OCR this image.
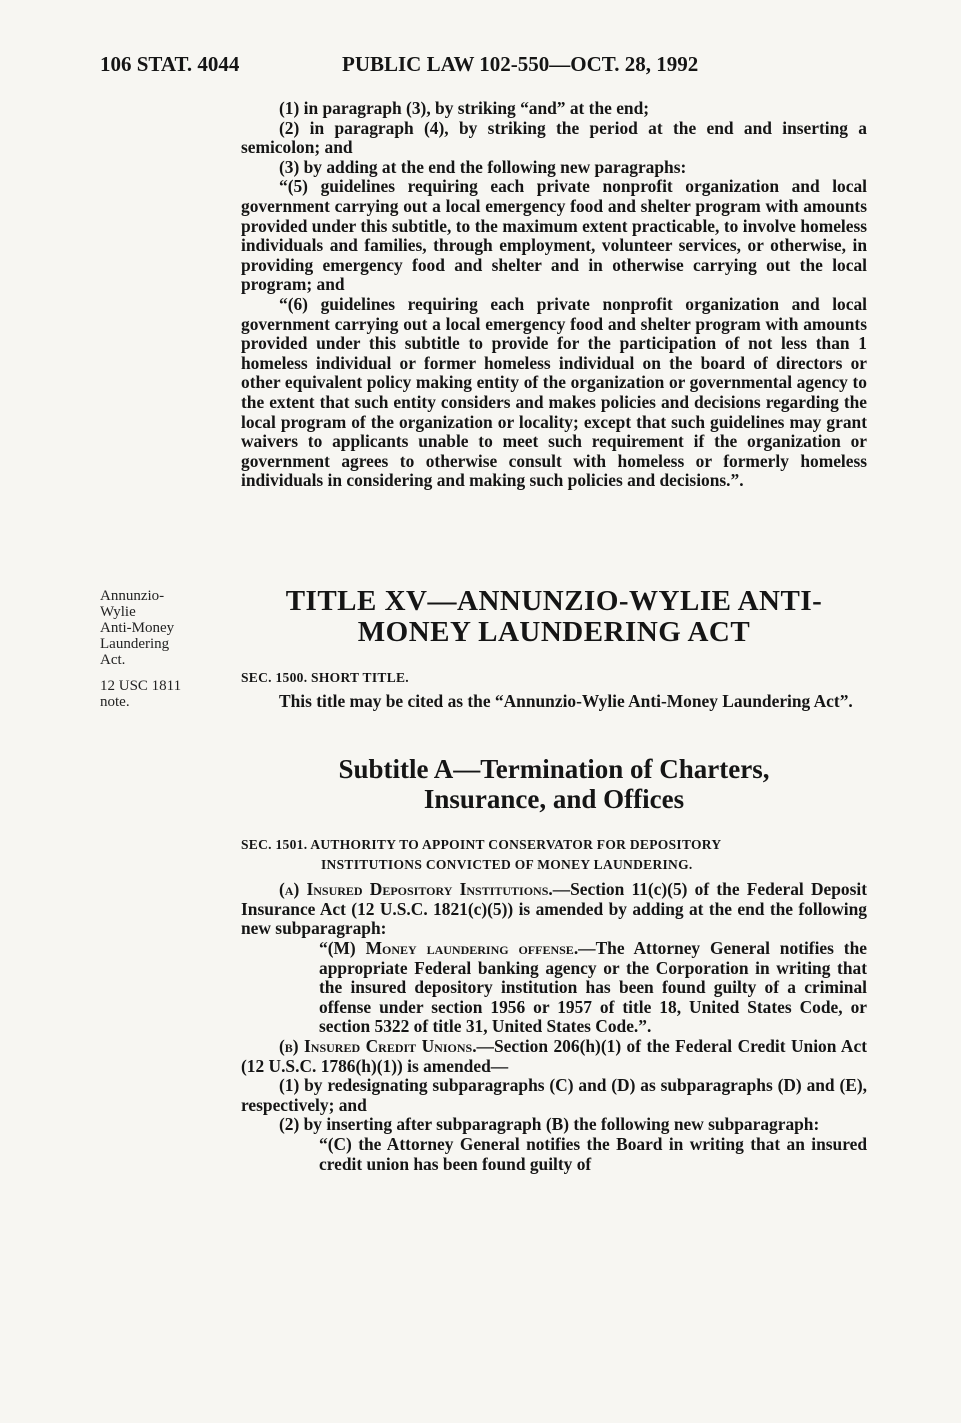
106 STAT. 4044	PUBLIC LAW 102-550—OCT. 28, 1992

(1) in paragraph (3), by striking “and” at the end;

(2) in paragraph (4), by striking the period at the end and inserting a semicolon; and

(3) by adding at the end the following new paragraphs:

“(5) guidelines requiring each private nonprofit organization and local government carrying out a local emergency food and shelter program with amounts provided under this subtitle, to the maximum extent practicable, to involve homeless individuals and families, through employment, volunteer services, or otherwise, in providing emergency food and shelter and in otherwise carrying out the local program; and

“(6) guidelines requiring each private nonprofit organization and local government carrying out a local emergency food and shelter program with amounts provided under this subtitle to provide for the participation of not less than 1 homeless individual or former homeless individual on the board of directors or other equivalent policy making entity of the organization or governmental agency to the extent that such entity considers and makes policies and decisions regarding the local program of the organization or locality; except that such guidelines may grant waivers to applicants unable to meet such requirement if the organization or government agrees to otherwise consult with homeless or formerly homeless individuals in considering and making such policies and decisions.”.

Annunzio-
Wylie
Anti-Money
Laundering
Act.
12 USC 1811
note.
TITLE XV—ANNUNZIO-WYLIE ANTI-
MONEY LAUNDERING ACT
SEC. 1500. SHORT TITLE.

This title may be cited as the “Annunzio-Wylie Anti-Money Laundering Act”.

Subtitle A—Termination of Charters,
Insurance, and Offices
SEC. 1501. AUTHORITY TO APPOINT CONSERVATOR FOR DEPOSITORY
INSTITUTIONS CONVICTED OF MONEY LAUNDERING.

(a) Insured Depository Institutions.—Section 11(c)(5) of the Federal Deposit Insurance Act (12 U.S.C. 1821(c)(5)) is amended by adding at the end the following new subparagraph:

“(M) Money laundering offense.—The Attorney General notifies the appropriate Federal banking agency or the Corporation in writing that the insured depository institution has been found guilty of a criminal offense under section 1956 or 1957 of title 18, United States Code, or section 5322 of title 31, United States Code.”.

(b) Insured Credit Unions.—Section 206(h)(1) of the Federal Credit Union Act (12 U.S.C. 1786(h)(1)) is amended—

(1) by redesignating subparagraphs (C) and (D) as subparagraphs (D) and (E), respectively; and

(2) by inserting after subparagraph (B) the following new subparagraph:

“(C) the Attorney General notifies the Board in writing that an insured credit union has been found guilty of
